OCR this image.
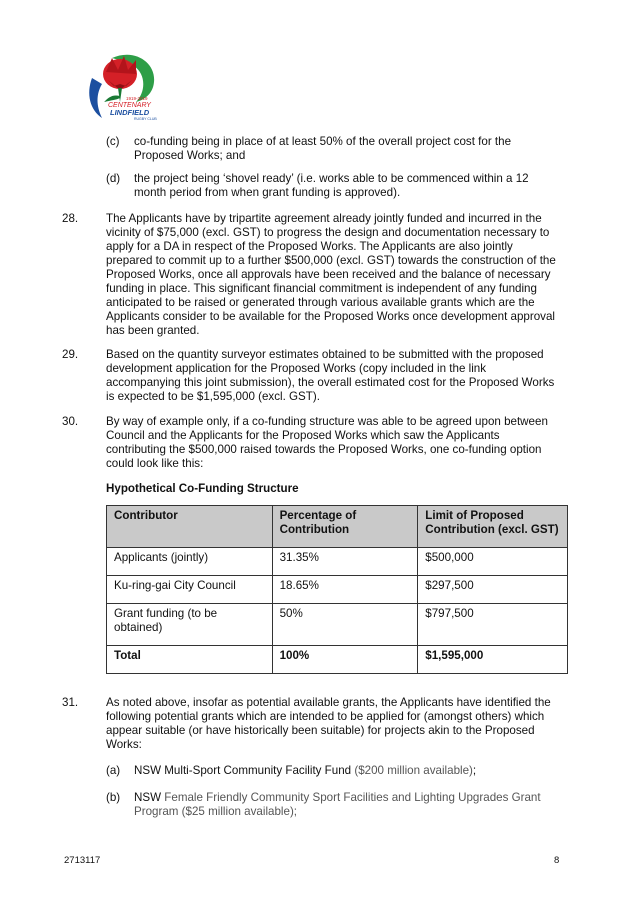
1919-2019
CENTENARY
LINDFIELD
RUGBY CLUB
(c) co-funding being in place of at least 50% of the overall project cost for the Proposed Works; and
(d) the project being ‘shovel ready’ (i.e. works able to be commenced within a 12 month period from when grant funding is approved).
28. The Applicants have by tripartite agreement already jointly funded and incurred in the vicinity of $75,000 (excl. GST) to progress the design and documentation necessary to apply for a DA in respect of the Proposed Works. The Applicants are also jointly prepared to commit up to a further $500,000 (excl. GST) towards the construction of the Proposed Works, once all approvals have been received and the balance of necessary funding in place. This significant financial commitment is independent of any funding anticipated to be raised or generated through various available grants which are the Applicants consider to be available for the Proposed Works once development approval has been granted.
29. Based on the quantity surveyor estimates obtained to be submitted with the proposed development application for the Proposed Works (copy included in the link accompanying this joint submission), the overall estimated cost for the Proposed Works is expected to be $1,595,000 (excl. GST).
30. By way of example only, if a co-funding structure was able to be agreed upon between Council and the Applicants for the Proposed Works which saw the Applicants contributing the $500,000 raised towards the Proposed Works, one co-funding option could look like this:
Hypothetical Co-Funding Structure
Contributor	Percentage of Contribution	Limit of Proposed Contribution (excl. GST)
Applicants (jointly)	31.35%	$500,000
Ku-ring-gai City Council	18.65%	$297,500
Grant funding (to be obtained)	50%	$797,500
Total	100%	$1,595,000
31. As noted above, insofar as potential available grants, the Applicants have identified the following potential grants which are intended to be applied for (amongst others) which appear suitable (or have historically been suitable) for projects akin to the Proposed Works:
(a) NSW Multi-Sport Community Facility Fund ($200 million available);
(b) NSW Female Friendly Community Sport Facilities and Lighting Upgrades Grant Program ($25 million available);
2713117	8
